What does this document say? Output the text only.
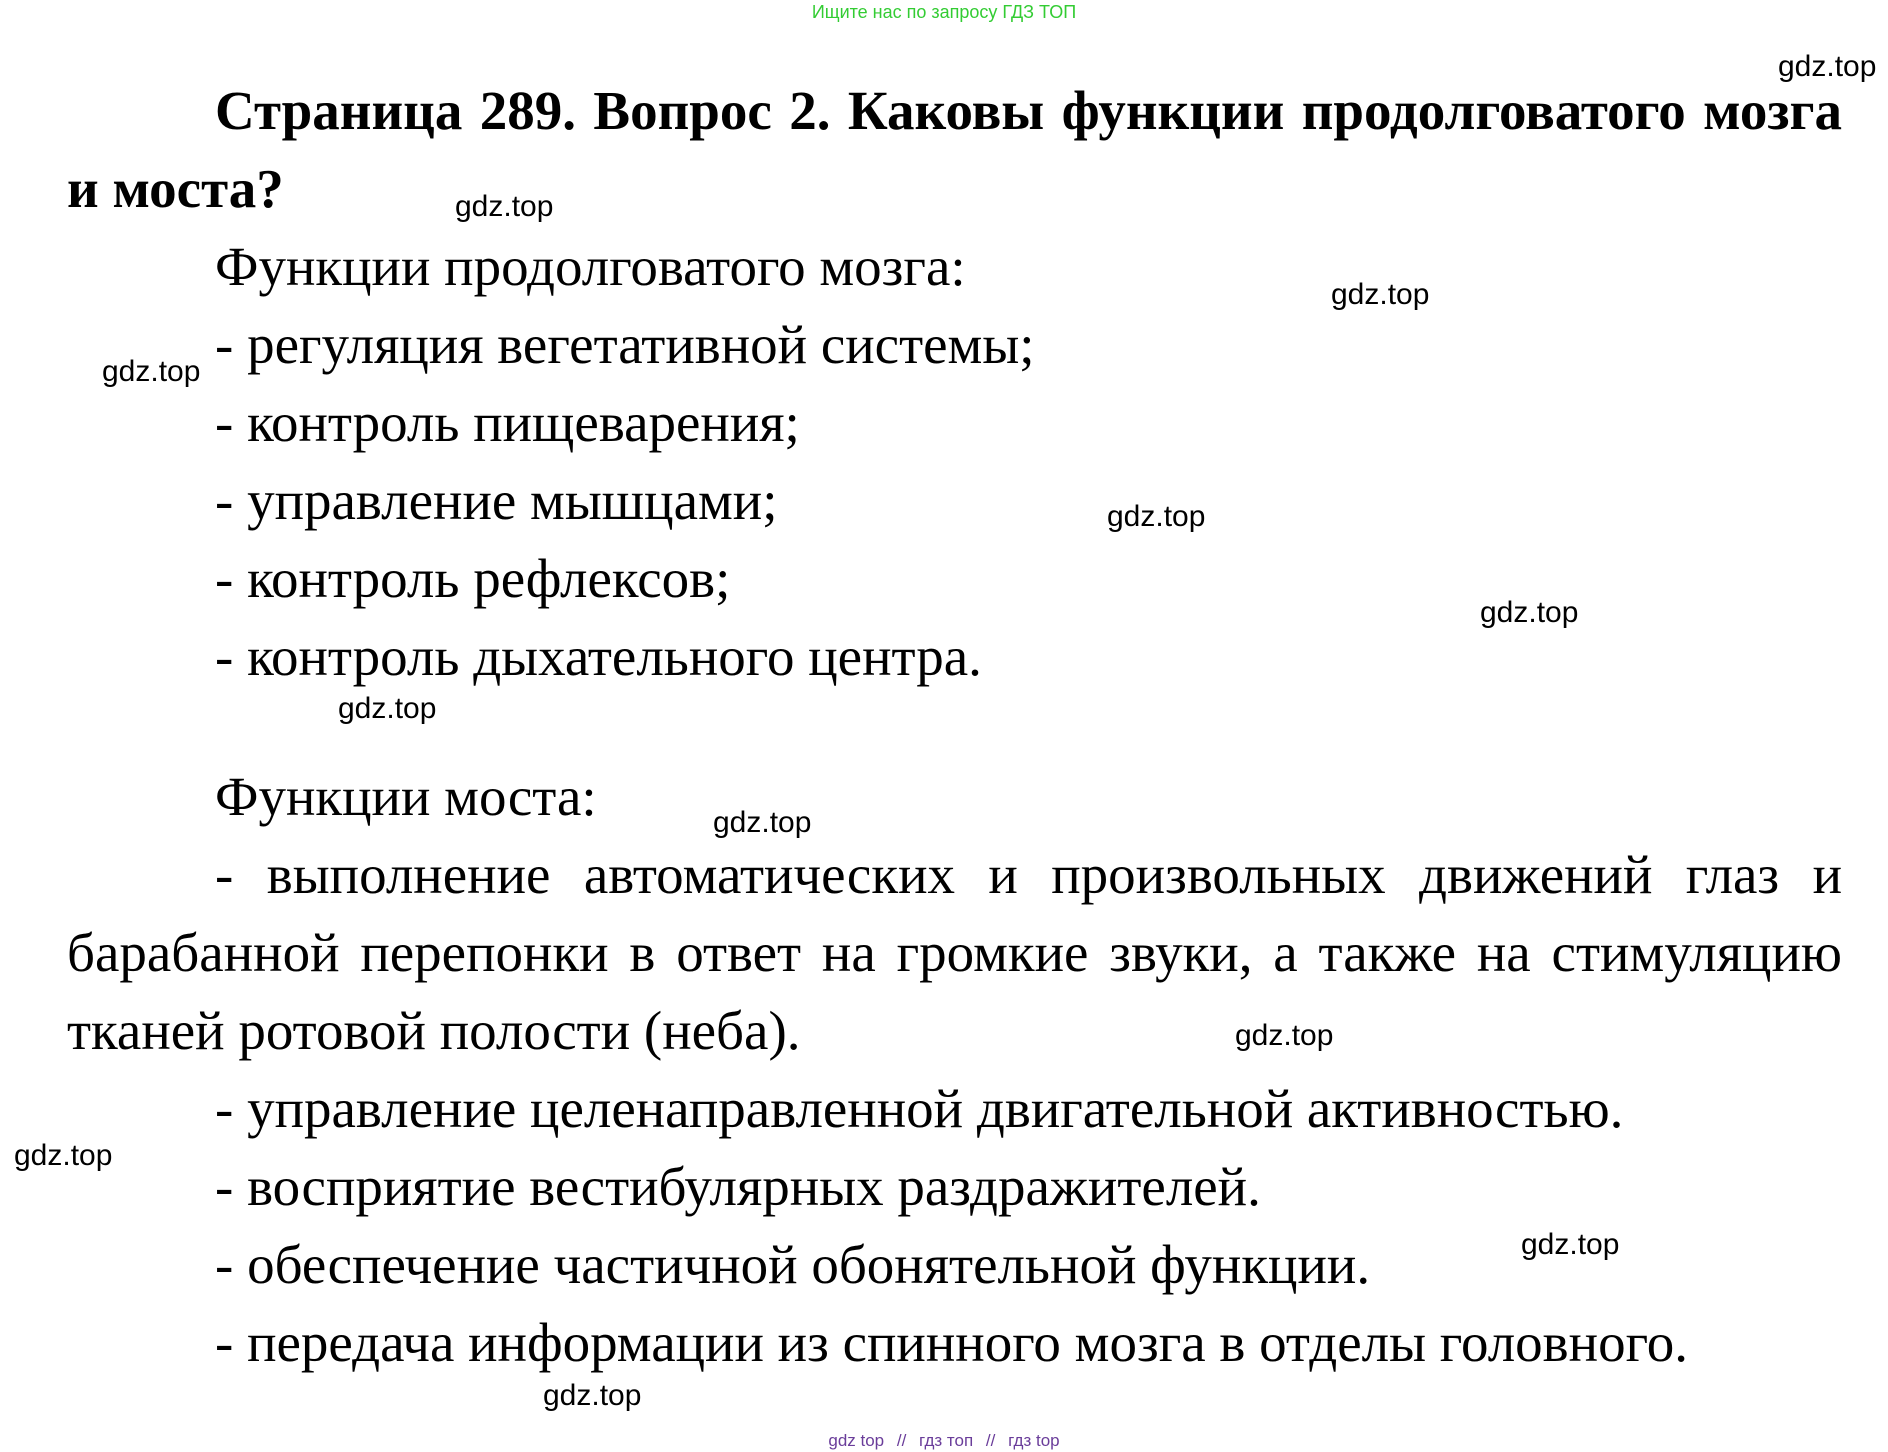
Ищите нас по запросу ГДЗ ТОП

Страница 289. Вопрос 2. Каковы функции продолговатого мозга и моста?

Функции продолговатого мозга:

- регуляция вегетативной системы;

- контроль пищеварения;

- управление мышцами;

- контроль рефлексов;

- контроль дыхательного центра.

Функции моста:

- выполнение автоматических и произвольных движений глаз и барабанной перепонки в ответ на громкие звуки, а также на стимуляцию тканей ротовой полости (неба).

- управление целенаправленной двигательной активностью.

- восприятие вестибулярных раздражителей.

- обеспечение частичной обонятельной функции.

- передача информации из спинного мозга в отделы головного.

gdz.top
gdz.top
gdz.top
gdz.top
gdz.top
gdz.top
gdz.top
gdz.top
gdz.top
gdz.top
gdz.top
gdz.top
gdz top // гдз топ // гдз top
